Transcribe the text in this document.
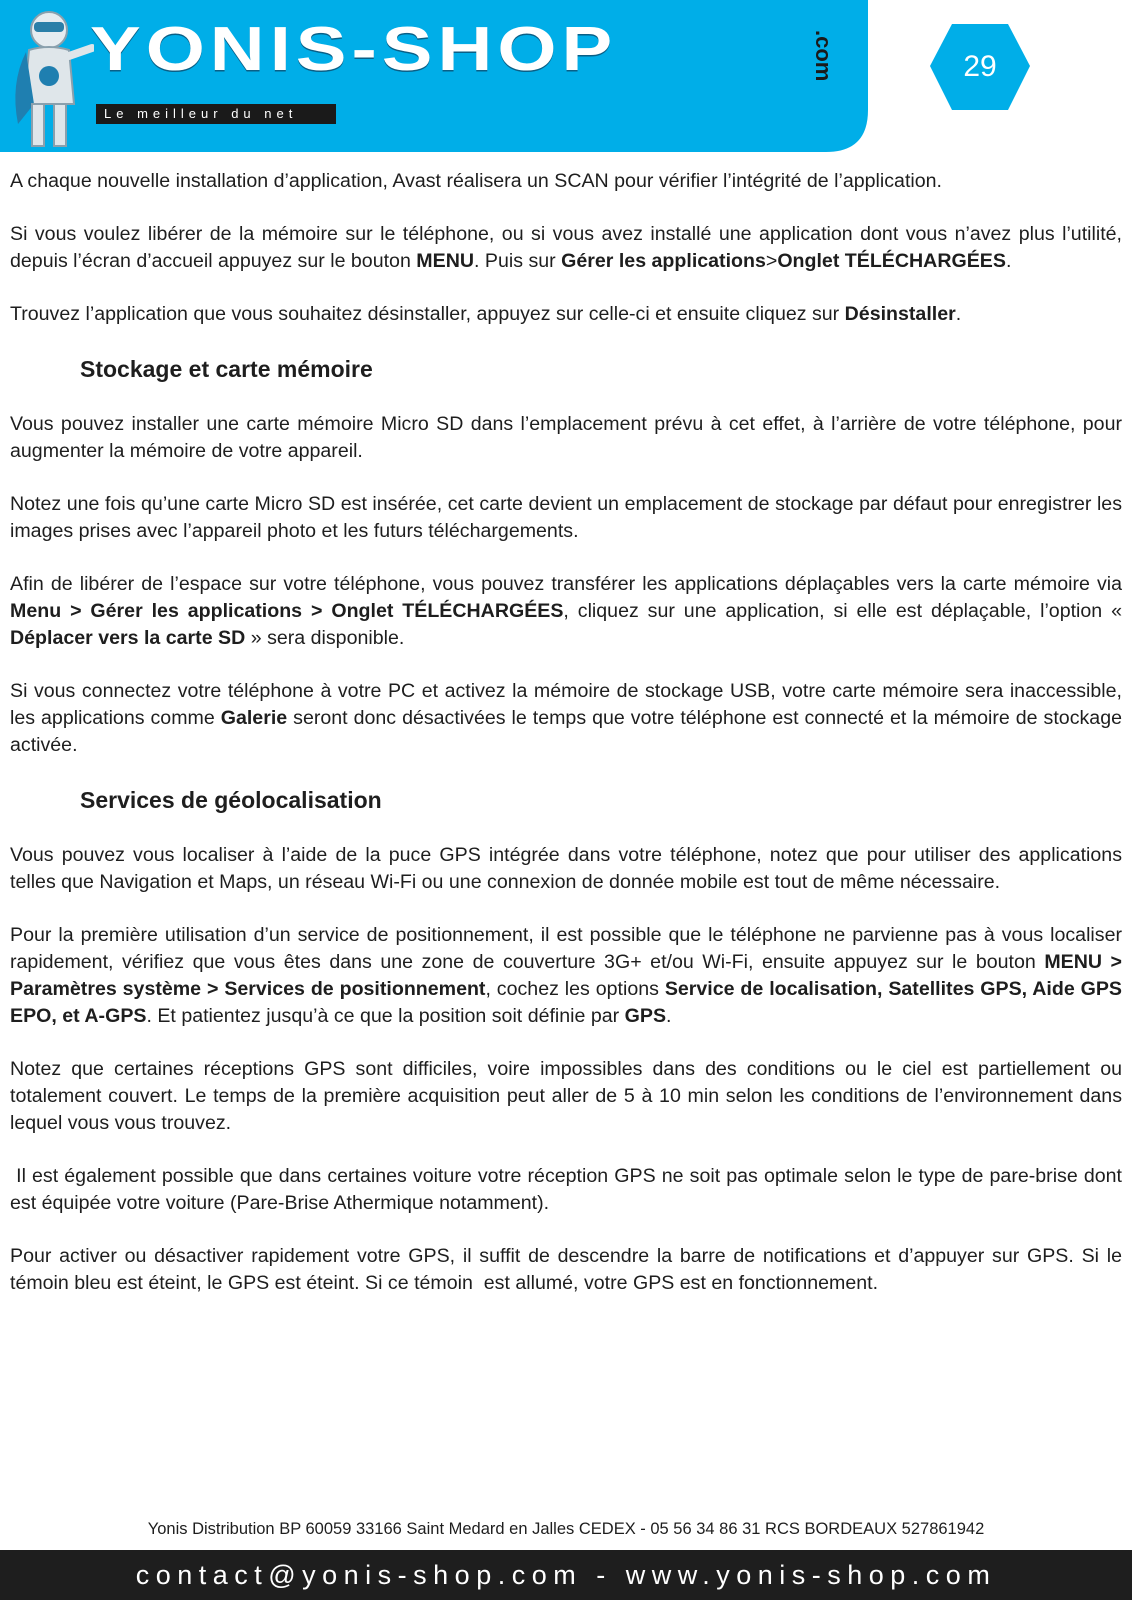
YONIS-SHOP	.com
Le meilleur du net
29

A chaque nouvelle installation d’application, Avast réalisera un SCAN pour vérifier l’intégrité de l’application.

Si vous voulez libérer de la mémoire sur le téléphone, ou si vous avez installé une application dont vous n’avez plus l’utilité, depuis l’écran d’accueil appuyez sur le bouton MENU. Puis sur Gérer les applications>Onglet TÉLÉCHARGÉES.

Trouvez l’application que vous souhaitez désinstaller, appuyez sur celle-ci et ensuite cliquez sur Désinstaller.

Stockage et carte mémoire

Vous pouvez installer une carte mémoire Micro SD dans l’emplacement prévu à cet effet, à l’arrière de votre téléphone, pour augmenter la mémoire de votre appareil.

Notez une fois qu’une carte Micro SD est insérée, cet carte devient un emplacement de stockage par défaut pour enregistrer les images prises avec l’appareil photo et les futurs téléchargements.

Afin de libérer de l’espace sur votre téléphone, vous pouvez transférer les applications déplaçables vers la carte mémoire via Menu > Gérer les applications > Onglet TÉLÉCHARGÉES, cliquez sur une application, si elle est déplaçable, l’option « Déplacer vers la carte SD » sera disponible.

Si vous connectez votre téléphone à votre PC et activez la mémoire de stockage USB, votre carte mémoire sera inaccessible, les applications comme Galerie seront donc désactivées le temps que votre téléphone est connecté et la mémoire de stockage activée.

Services de géolocalisation

Vous pouvez vous localiser à l’aide de la puce GPS intégrée dans votre téléphone, notez que pour utiliser des applications telles que Navigation et Maps, un réseau Wi-Fi ou une connexion de donnée mobile est tout de même nécessaire.

Pour la première utilisation d’un service de positionnement, il est possible que le téléphone ne parvienne pas à vous localiser rapidement, vérifiez que vous êtes dans une zone de couverture 3G+ et/ou Wi-Fi, ensuite appuyez sur le bouton MENU > Paramètres système > Services de positionnement, cochez les options Service de localisation, Satellites GPS, Aide GPS EPO, et A-GPS. Et patientez jusqu’à ce que la position soit définie par GPS.

Notez que certaines réceptions GPS sont difficiles, voire impossibles dans des conditions ou le ciel est partiellement ou totalement couvert. Le temps de la première acquisition peut aller de 5 à 10 min selon les conditions de l’environnement dans lequel vous vous trouvez.

Il est également possible que dans certaines voiture votre réception GPS ne soit pas optimale selon le type de pare-brise dont est équipée votre voiture (Pare-Brise Athermique notamment).

Pour activer ou désactiver rapidement votre GPS, il suffit de descendre la barre de notifications et d’appuyer sur GPS. Si le témoin bleu est éteint, le GPS est éteint. Si ce témoin  est allumé, votre GPS est en fonctionnement.

Yonis Distribution BP 60059 33166 Saint Medard en Jalles CEDEX - 05 56 34 86 31 RCS BORDEAUX 527861942
contact@yonis-shop.com - www.yonis-shop.com
